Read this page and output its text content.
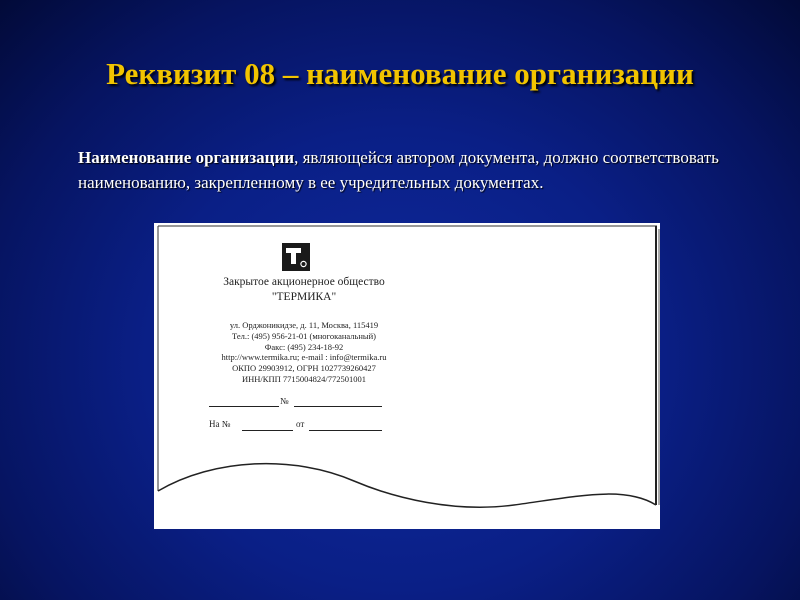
Реквизит 08 – наименование организации
Наименование организации, являющейся автором документа, должно соответствовать наименованию, закрепленному в ее учредительных документах.
Закрытое акционерное общество
"ТЕРМИКА"
ул. Орджоникидзе, д. 11, Москва, 115419
Тел.: (495) 956-21-01 (многоканальный)
Факс: (495) 234-18-92
http://www.termika.ru; e-mail : info@termika.ru
ОКПО 29903912, ОГРН 1027739260427
ИНН/КПП 7715004824/772501001
№
На №	от
